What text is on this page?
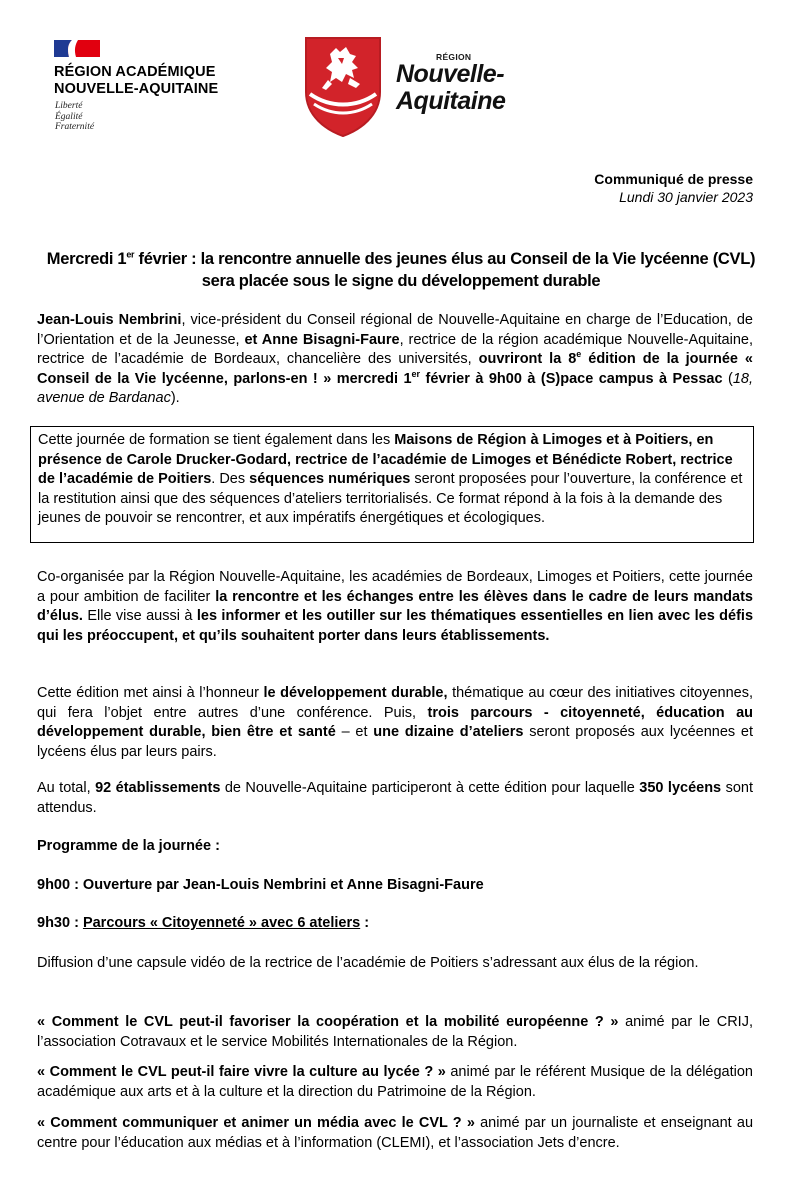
RÉGION ACADÉMIQUE
NOUVELLE-AQUITAINE
Liberté
Égalité
Fraternité
RÉGION
Nouvelle-
Aquitaine
Communiqué de presse
Lundi 30 janvier 2023
Mercredi 1er février : la rencontre annuelle des jeunes élus au Conseil de la Vie lycéenne (CVL) sera placée sous le signe du développement durable
Jean-Louis Nembrini, vice-président du Conseil régional de Nouvelle-Aquitaine en charge de l’Education, de l’Orientation et de la Jeunesse, et Anne Bisagni-Faure, rectrice de la région académique Nouvelle-Aquitaine, rectrice de l’académie de Bordeaux, chancelière des universités, ouvriront la 8e édition de la journée « Conseil de la Vie lycéenne, parlons-en ! » mercredi 1er février à 9h00 à (S)pace campus à Pessac (18, avenue de Bardanac).
Cette journée de formation se tient également dans les Maisons de Région à Limoges et à Poitiers, en présence de Carole Drucker-Godard, rectrice de l’académie de Limoges et Bénédicte Robert, rectrice de l’académie de Poitiers. Des séquences numériques seront proposées pour l’ouverture, la conférence et la restitution ainsi que des séquences d’ateliers territorialisés. Ce format répond à la fois à la demande des jeunes de pouvoir se rencontrer, et aux impératifs énergétiques et écologiques.
Co-organisée par la Région Nouvelle-Aquitaine, les académies de Bordeaux, Limoges et Poitiers, cette journée a pour ambition de faciliter la rencontre et les échanges entre les élèves dans le cadre de leurs mandats d’élus. Elle vise aussi à les informer et les outiller sur les thématiques essentielles en lien avec les défis qui les préoccupent, et qu’ils souhaitent porter dans leurs établissements.
Cette édition met ainsi à l’honneur le développement durable, thématique au cœur des initiatives citoyennes, qui fera l’objet entre autres d’une conférence. Puis, trois parcours - citoyenneté, éducation au développement durable, bien être et santé – et une dizaine d’ateliers seront proposés aux lycéennes et lycéens élus par leurs pairs.
Au total, 92 établissements de Nouvelle-Aquitaine participeront à cette édition pour laquelle 350 lycéens sont attendus.
Programme de la journée :
9h00 : Ouverture par Jean-Louis Nembrini et Anne Bisagni-Faure
9h30 : Parcours « Citoyenneté » avec 6 ateliers :
Diffusion d’une capsule vidéo de la rectrice de l’académie de Poitiers s’adressant aux élus de la région.
« Comment le CVL peut-il favoriser la coopération et la mobilité européenne ? » animé par le CRIJ, l’association Cotravaux et le service Mobilités Internationales de la Région.
« Comment le CVL peut-il faire vivre la culture au lycée ? » animé par le référent Musique de la délégation académique aux arts et à la culture et la direction du Patrimoine de la Région.
« Comment communiquer et animer un média avec le CVL ? » animé par un journaliste et enseignant au centre pour l’éducation aux médias et à l’information (CLEMI), et l’association Jets d’encre.
